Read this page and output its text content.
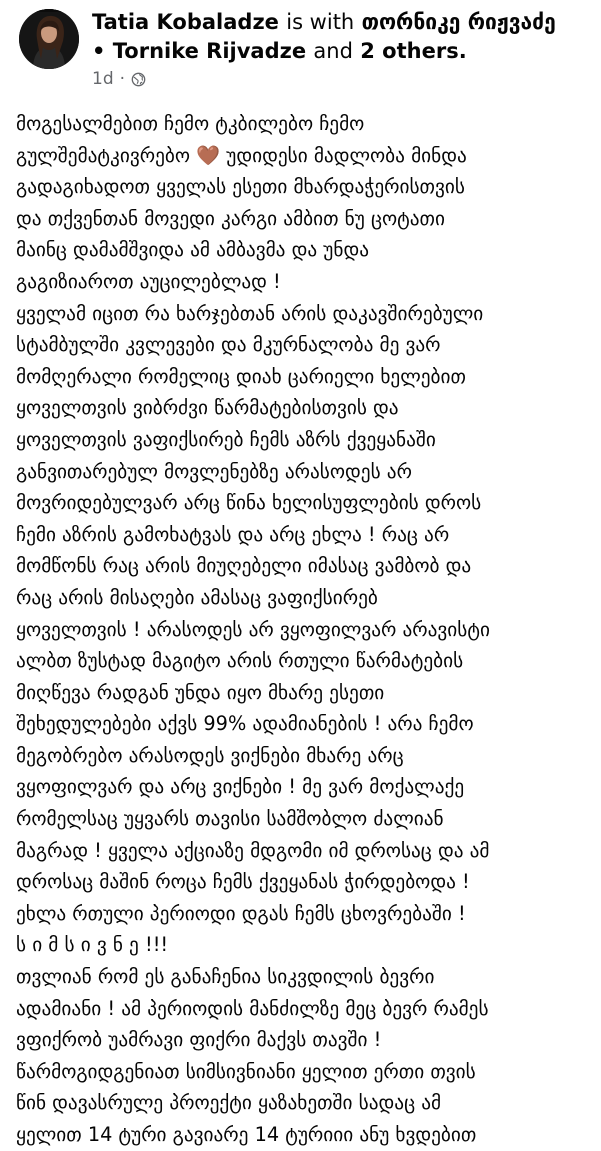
Tatia Kobaladze is with თორნიკე რიჟვაძე
• Tornike Rijvadze and 2 others.
1d ·
მოგესალმებით ჩემო ტკბილებო ჩემო
გულშემატკივრებო 🤎 უდიდესი მადლობა მინდა
გადაგიხადოთ ყველას ესეთი მხარდაჭერისთვის
და თქვენთან მოვედი კარგი ამბით ნუ ცოტათი
მაინც დამამშვიდა ამ ამბავმა და უნდა
გაგიზიაროთ აუცილებლად !
ყველამ იცით რა ხარჯებთან არის დაკავშირებული
სტამბულში კვლევები და მკურნალობა მე ვარ
მომღერალი რომელიც დიახ ცარიელი ხელებით
ყოველთვის ვიბრძვი წარმატებისთვის და
ყოველთვის ვაფიქსირებ ჩემს აზრს ქვეყანაში
განვითარებულ მოვლენებზე არასოდეს არ
მოვრიდებულვარ არც წინა ხელისუფლების დროს
ჩემი აზრის გამოხატვას და არც ეხლა ! რაც არ
მომწონს რაც არის მიუღებელი იმასაც ვამბობ და
რაც არის მისაღები ამასაც ვაფიქსირებ
ყოველთვის ! არასოდეს არ ვყოფილვარ არავისტი
ალბთ ზუსტად მაგიტო არის რთული წარმატების
მიღწევა რადგან უნდა იყო მხარე ესეთი
შეხედულებები აქვს 99% ადამიანების ! არა ჩემო
მეგობრებო არასოდეს ვიქნები მხარე არც
ვყოფილვარ და არც ვიქნები ! მე ვარ მოქალაქე
რომელსაც უყვარს თავისი სამშობლო ძალიან
მაგრად ! ყველა აქციაზე მდგომი იმ დროსაც და ამ
დროსაც მაშინ როცა ჩემს ქვეყანას ჭირდებოდა !
ეხლა რთული პერიოდი დგას ჩემს ცხოვრებაში !
ს ი მ ს ი ვ ნ ე !!!
თვლიან რომ ეს განაჩენია სიკვდილის ბევრი
ადამიანი ! ამ პერიოდის მანძილზე მეც ბევრ რამეს
ვფიქრობ უამრავი ფიქრი მაქვს თავში !
წარმოგიდგენიათ სიმსივნიანი ყელით ერთი თვის
წინ დავასრულე პროექტი ყაზახეთში სადაც ამ
ყელით 14 ტური გავიარე 14 ტურიიი ანუ ხვდებით
